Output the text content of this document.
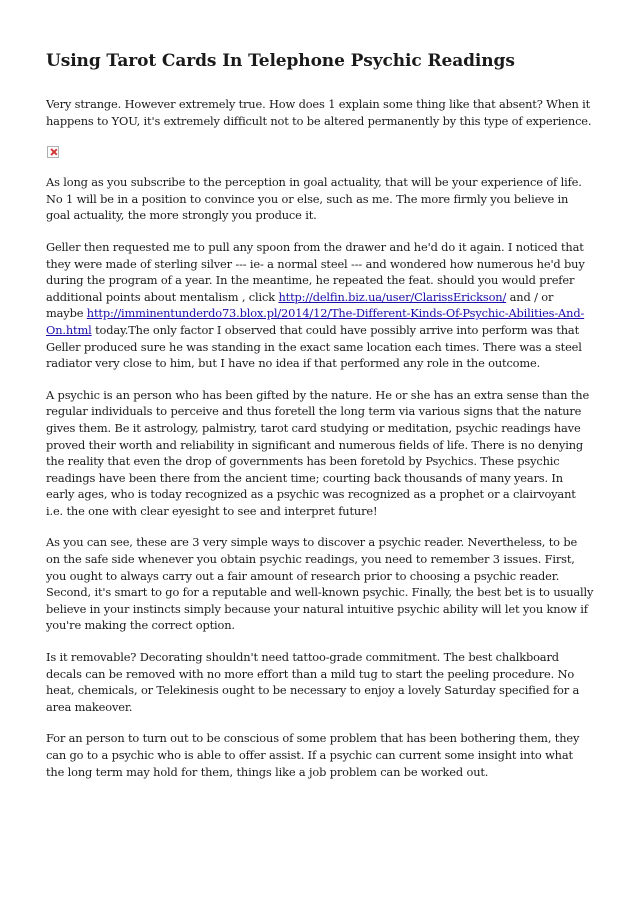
Using Tarot Cards In Telephone Psychic Readings

Very strange. However extremely true. How does 1 explain some thing like that absent? When it happens to YOU, it's extremely difficult not to be altered permanently by this type of experience.

As long as you subscribe to the perception in goal actuality, that will be your experience of life. No 1 will be in a position to convince you or else, such as me. The more firmly you believe in goal actuality, the more strongly you produce it.

Geller then requested me to pull any spoon from the drawer and he'd do it again. I noticed that they were made of sterling silver --- ie- a normal steel --- and wondered how numerous he'd buy during the program of a year. In the meantime, he repeated the feat. should you would prefer additional points about mentalism , click http://delfin.biz.ua/user/ClarissErickson/ and / or maybe http://imminentunderdo73.blox.pl/2014/12/The-Different-Kinds-Of-Psychic-Abilities-And-On.html today.The only factor I observed that could have possibly arrive into perform was that Geller produced sure he was standing in the exact same location each times. There was a steel radiator very close to him, but I have no idea if that performed any role in the outcome.

A psychic is an person who has been gifted by the nature. He or she has an extra sense than the regular individuals to perceive and thus foretell the long term via various signs that the nature gives them. Be it astrology, palmistry, tarot card studying or meditation, psychic readings have proved their worth and reliability in significant and numerous fields of life. There is no denying the reality that even the drop of governments has been foretold by Psychics. These psychic readings have been there from the ancient time; courting back thousands of many years. In early ages, who is today recognized as a psychic was recognized as a prophet or a clairvoyant i.e. the one with clear eyesight to see and interpret future!

As you can see, these are 3 very simple ways to discover a psychic reader. Nevertheless, to be on the safe side whenever you obtain psychic readings, you need to remember 3 issues. First, you ought to always carry out a fair amount of research prior to choosing a psychic reader. Second, it's smart to go for a reputable and well-known psychic. Finally, the best bet is to usually believe in your instincts simply because your natural intuitive psychic ability will let you know if you're making the correct option.

Is it removable? Decorating shouldn't need tattoo-grade commitment. The best chalkboard decals can be removed with no more effort than a mild tug to start the peeling procedure. No heat, chemicals, or Telekinesis ought to be necessary to enjoy a lovely Saturday specified for a area makeover.

For an person to turn out to be conscious of some problem that has been bothering them, they can go to a psychic who is able to offer assist. If a psychic can current some insight into what the long term may hold for them, things like a job problem can be worked out.
